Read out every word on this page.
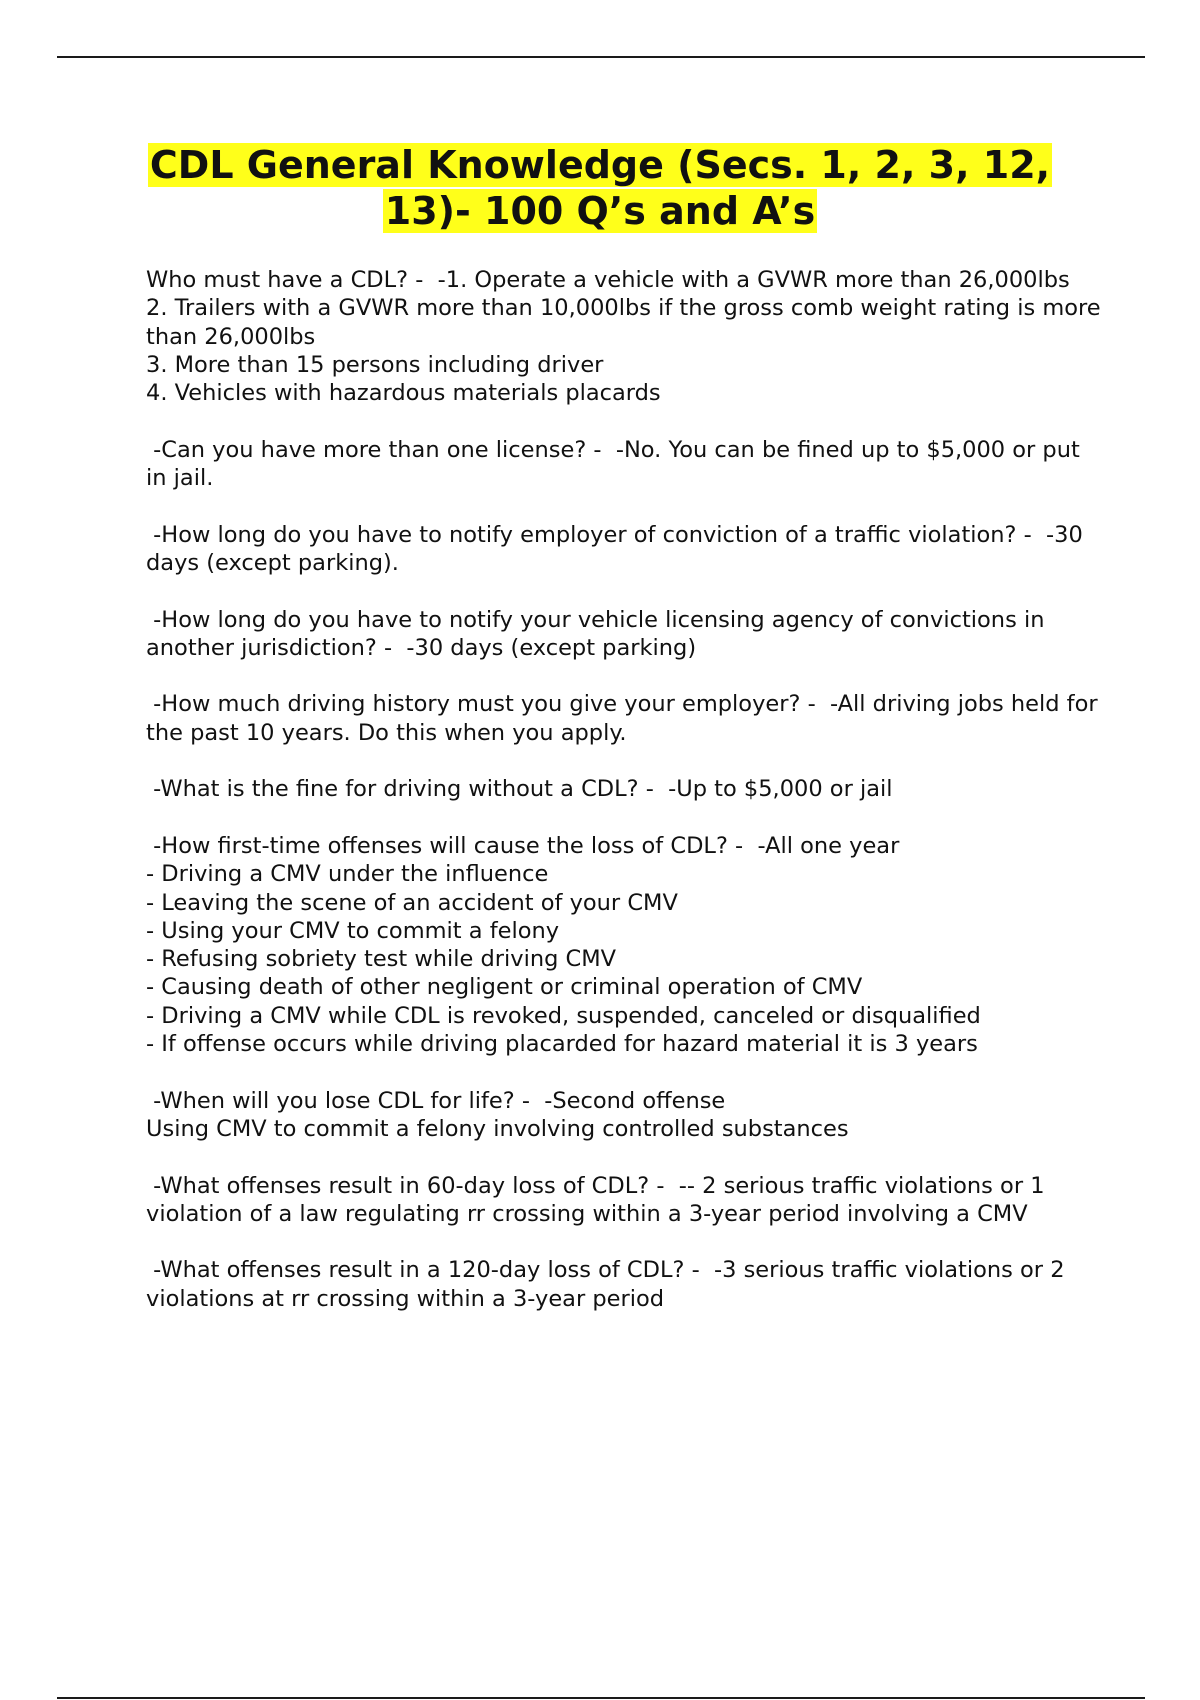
CDL General Knowledge (Secs. 1, 2, 3, 12, 13)- 100 Q’s and A’s
Who must have a CDL? -  -1. Operate a vehicle with a GVWR more than 26,000lbs
2. Trailers with a GVWR more than 10,000lbs if the gross comb weight rating is more than 26,000lbs
3. More than 15 persons including driver
4. Vehicles with hazardous materials placards
-Can you have more than one license? -  -No. You can be fined up to $5,000 or put in jail.
-How long do you have to notify employer of conviction of a traffic violation? -  -30 days (except parking).
-How long do you have to notify your vehicle licensing agency of convictions in another jurisdiction? -  -30 days (except parking)
-How much driving history must you give your employer? -  -All driving jobs held for the past 10 years. Do this when you apply.
-What is the fine for driving without a CDL? -  -Up to $5,000 or jail
-How first-time offenses will cause the loss of CDL? -  -All one year
- Driving a CMV under the influence
- Leaving the scene of an accident of your CMV
- Using your CMV to commit a felony
- Refusing sobriety test while driving CMV
- Causing death of other negligent or criminal operation of CMV
- Driving a CMV while CDL is revoked, suspended, canceled or disqualified
- If offense occurs while driving placarded for hazard material it is 3 years
-When will you lose CDL for life? -  -Second offense
Using CMV to commit a felony involving controlled substances
-What offenses result in 60-day loss of CDL? -  -- 2 serious traffic violations or 1 violation of a law regulating rr crossing within a 3-year period involving a CMV
-What offenses result in a 120-day loss of CDL? -  -3 serious traffic violations or 2 violations at rr crossing within a 3-year period
